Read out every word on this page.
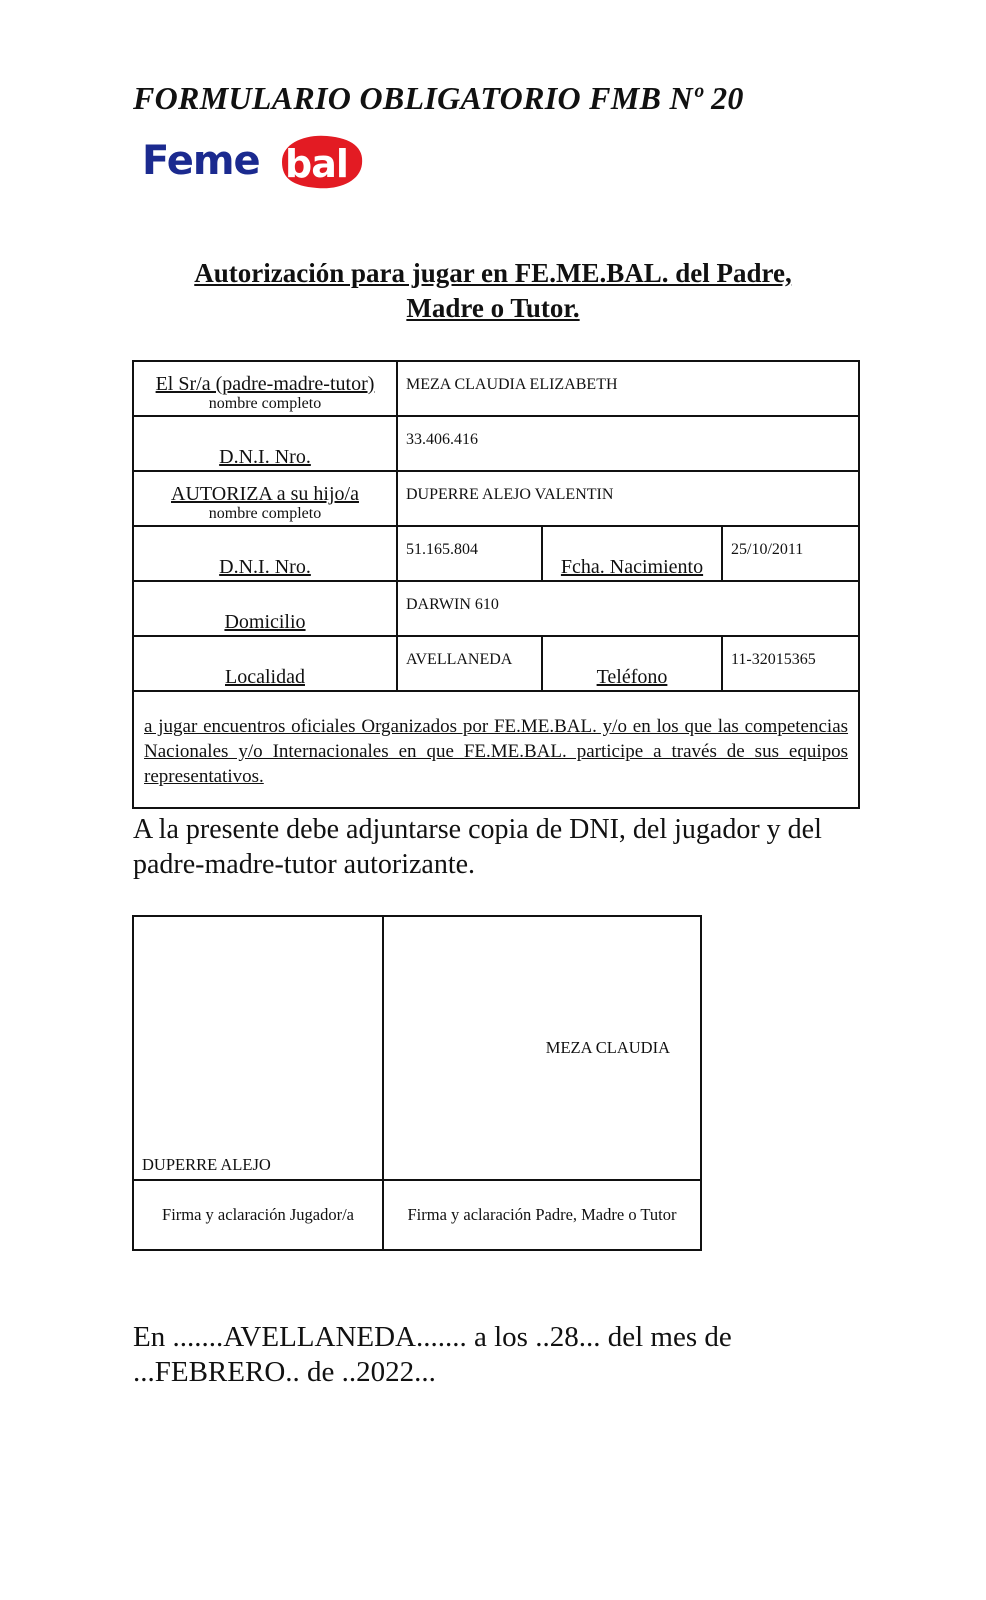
FORMULARIO OBLIGATORIO FMB Nº 20
Feme bal
Autorización para jugar en FE.ME.BAL. del Padre,
Madre o Tutor.
El Sr/a (padre-madre-tutor)
nombre completo	MEZA CLAUDIA ELIZABETH		

D.N.I. Nro.	33.406.416		

AUTORIZA a su hijo/a
nombre completo	DUPERRE ALEJO VALENTIN		

D.N.I. Nro.	51.165.804	Fcha. Nacimiento	25/10/2011

Domicilio	DARWIN 610		

Localidad	AVELLANEDA	Teléfono	11-32015365
a jugar encuentros oficiales Organizados por FE.ME.BAL. y/o en los que las competencias Nacionales y/o Internacionales en que FE.ME.BAL. participe a través de sus equipos representativos.			
A la presente debe adjuntarse copia de DNI, del jugador y del padre-madre-tutor autorizante.
DUPERRE ALEJO	MEZA CLAUDIA
Firma y aclaración Jugador/a	Firma y aclaración Padre, Madre o Tutor
En .......AVELLANEDA....... a los ..28... del mes de
...FEBRERO.. de ..2022...
